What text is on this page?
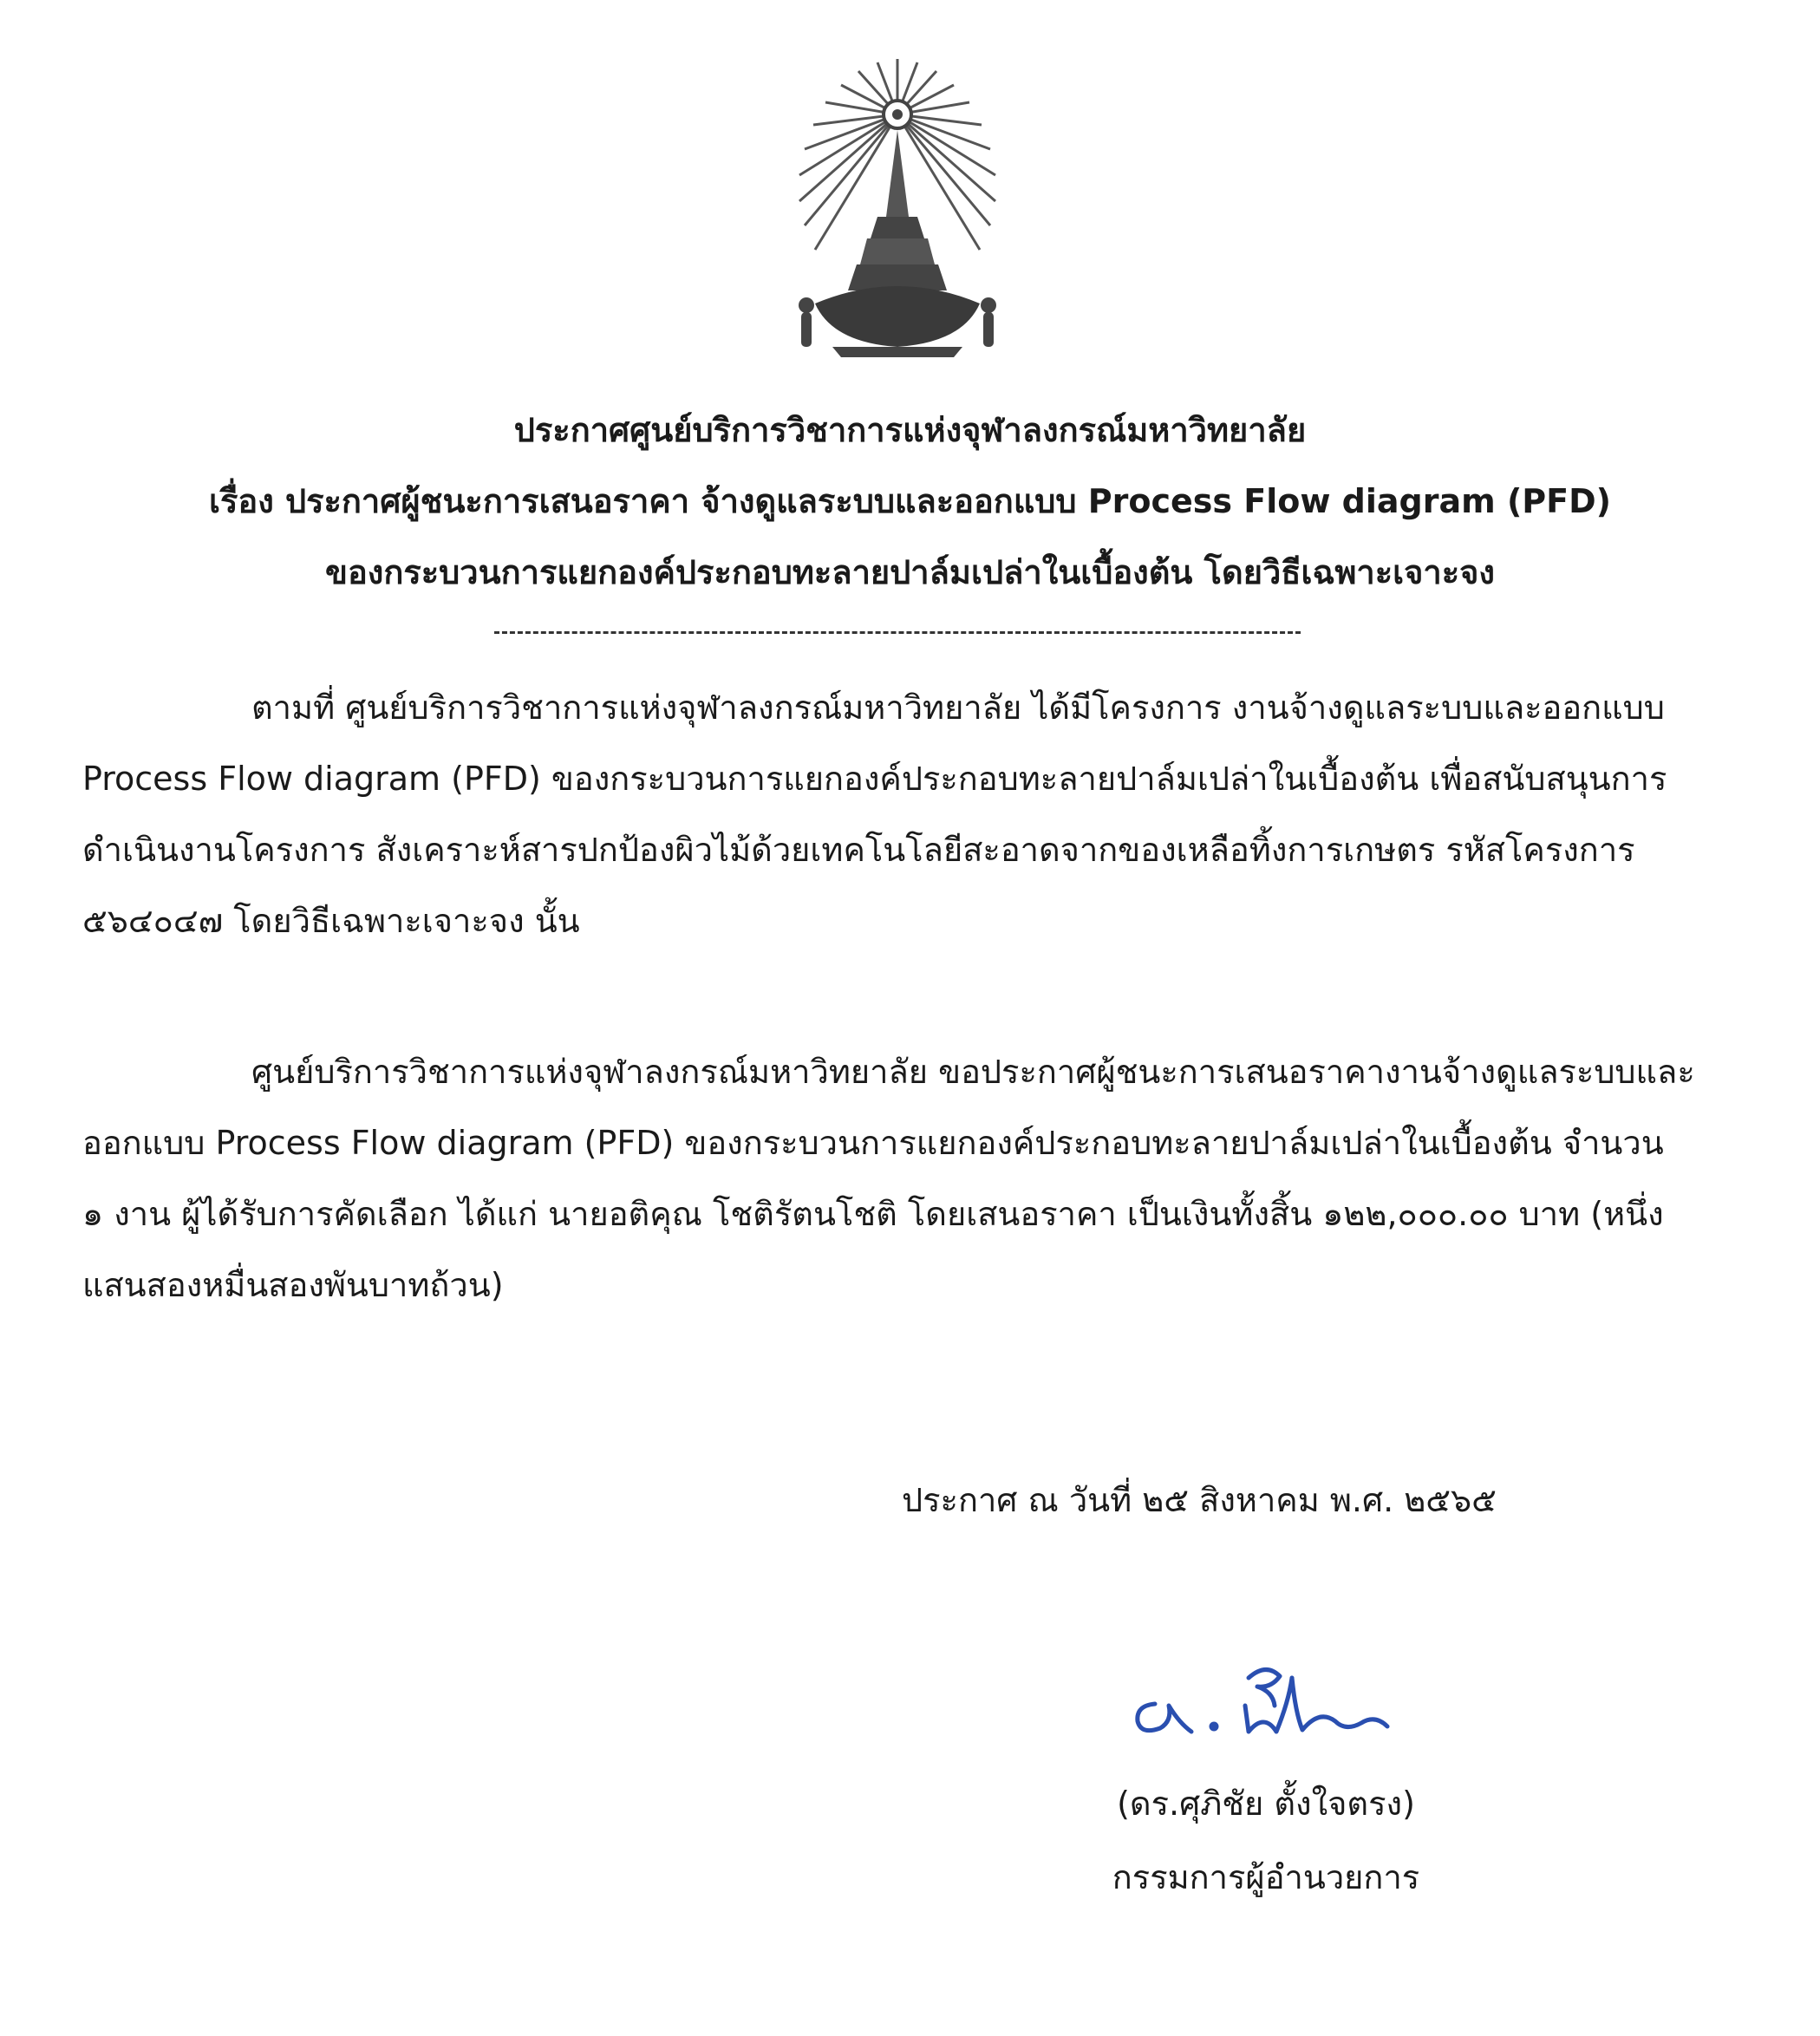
ประกาศศูนย์บริการวิชาการแห่งจุฬาลงกรณ์มหาวิทยาลัย
เรื่อง ประกาศผู้ชนะการเสนอราคา จ้างดูแลระบบและออกแบบ Process Flow diagram (PFD)
ของกระบวนการแยกองค์ประกอบทะลายปาล์มเปล่าในเบื้องต้น โดยวิธีเฉพาะเจาะจง
ตามที่ ศูนย์บริการวิชาการแห่งจุฬาลงกรณ์มหาวิทยาลัย ได้มีโครงการ งานจ้างดูแลระบบและออกแบบ
Process Flow diagram (PFD) ของกระบวนการแยกองค์ประกอบทะลายปาล์มเปล่าในเบื้องต้น เพื่อสนับสนุนการ
ดำเนินงานโครงการ สังเคราะห์สารปกป้องผิวไม้ด้วยเทคโนโลยีสะอาดจากของเหลือทิ้งการเกษตร รหัสโครงการ
๕๖๔๐๔๗ โดยวิธีเฉพาะเจาะจง นั้น
ศูนย์บริการวิชาการแห่งจุฬาลงกรณ์มหาวิทยาลัย ขอประกาศผู้ชนะการเสนอราคางานจ้างดูแลระบบและ
ออกแบบ Process Flow diagram (PFD) ของกระบวนการแยกองค์ประกอบทะลายปาล์มเปล่าในเบื้องต้น จำนวน
๑ งาน ผู้ได้รับการคัดเลือก ได้แก่ นายอติคุณ โชติรัตนโชติ โดยเสนอราคา เป็นเงินทั้งสิ้น ๑๒๒,๐๐๐.๐๐ บาท (หนึ่ง
แสนสองหมื่นสองพันบาทถ้วน)
ประกาศ ณ วันที่ ๒๕ สิงหาคม พ.ศ. ๒๕๖๕
(ดร.ศุภิชัย ตั้งใจตรง)
กรรมการผู้อำนวยการ
